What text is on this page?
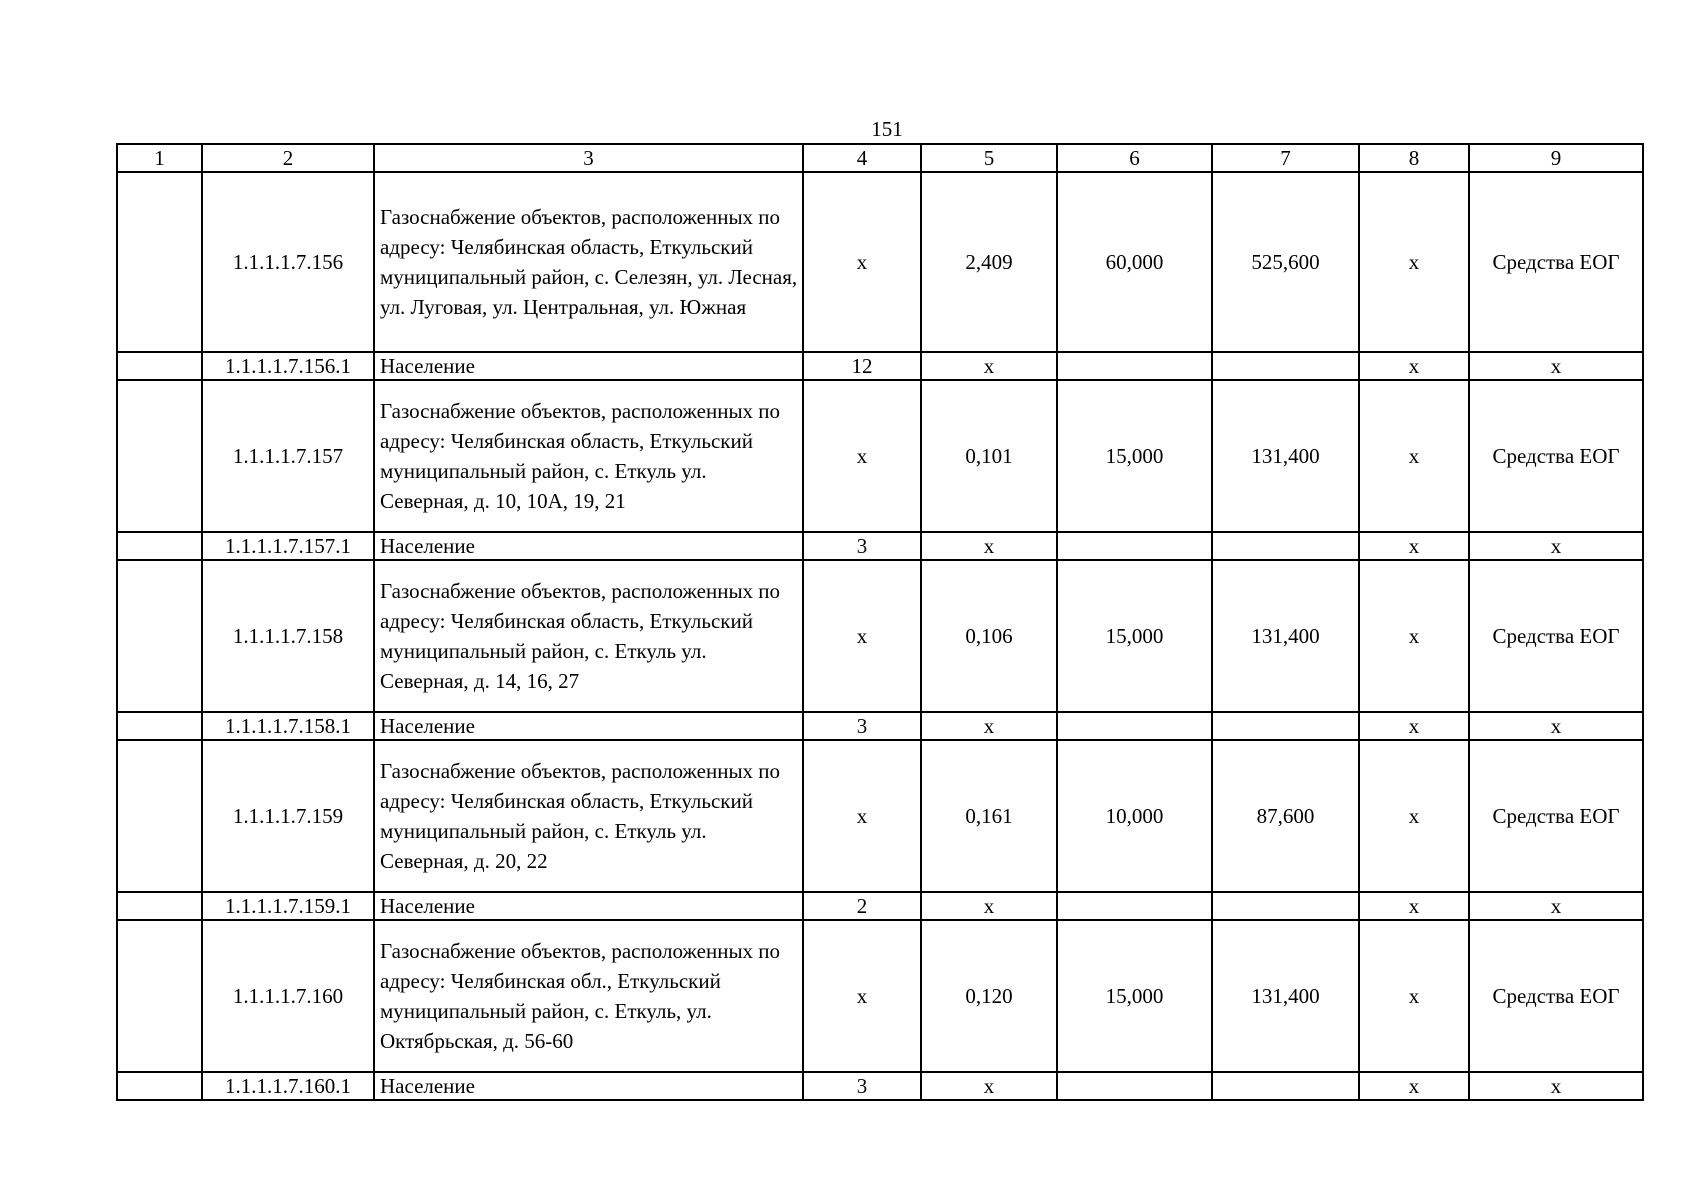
151
1	2	3	4	5	6	7	8	9
	1.1.1.1.7.156	Газоснабжение объектов, расположенных по адресу: Челябинская область, Еткульский муниципальный район, с. Селезян, ул. Лесная, ул. Луговая, ул. Центральная, ул. Южная	х	2,409	60,000	525,600	х	Средства ЕОГ
	1.1.1.1.7.156.1	Население	12	х			х	х
	1.1.1.1.7.157	Газоснабжение объектов, расположенных по адресу: Челябинская область, Еткульский муниципальный район, с. Еткуль ул. Северная, д. 10, 10А, 19, 21	х	0,101	15,000	131,400	х	Средства ЕОГ
	1.1.1.1.7.157.1	Население	3	х			х	х
	1.1.1.1.7.158	Газоснабжение объектов, расположенных по адресу: Челябинская область, Еткульский муниципальный район, с. Еткуль ул. Северная, д. 14, 16, 27	х	0,106	15,000	131,400	х	Средства ЕОГ
	1.1.1.1.7.158.1	Население	3	х			х	х
	1.1.1.1.7.159	Газоснабжение объектов, расположенных по адресу: Челябинская область, Еткульский муниципальный район, с. Еткуль ул. Северная, д. 20, 22	х	0,161	10,000	87,600	х	Средства ЕОГ
	1.1.1.1.7.159.1	Население	2	х			х	х
	1.1.1.1.7.160	Газоснабжение объектов, расположенных по адресу: Челябинская обл., Еткульский муниципальный район, с. Еткуль, ул. Октябрьская, д. 56-60	х	0,120	15,000	131,400	х	Средства ЕОГ
	1.1.1.1.7.160.1	Население	3	х			х	х
